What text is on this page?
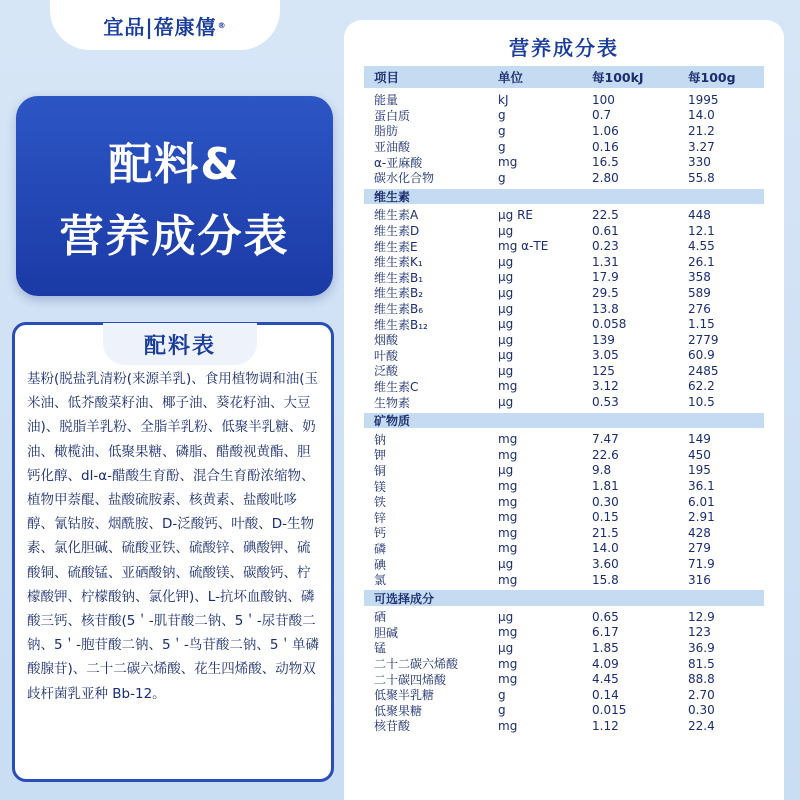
宜品|蓓康僖 ®
配料&
营养成分表
配料表
基粉(脱盐乳清粉(来源羊乳)、食用植物调和油(玉米油、低芥酸菜籽油、椰子油、葵花籽油、大豆油)、脱脂羊乳粉、全脂羊乳粉、低聚半乳糖、奶油、橄榄油、低聚果糖、磷脂、醋酸视黄酯、胆钙化醇、dl-α-醋酸生育酚、混合生育酚浓缩物、植物甲萘醌、盐酸硫胺素、核黄素、盐酸吡哆醇、氰钴胺、烟酰胺、D-泛酸钙、叶酸、D-生物素、氯化胆碱、硫酸亚铁、硫酸锌、碘酸钾、硫酸铜、硫酸锰、亚硒酸钠、硫酸镁、碳酸钙、柠檬酸钾、柠檬酸钠、氯化钾)、L-抗坏血酸钠、磷酸三钙、核苷酸(5＇-肌苷酸二钠、5＇-尿苷酸二钠、5＇-胞苷酸二钠、5＇-鸟苷酸二钠、5＇单磷酸腺苷)、二十二碳六烯酸、花生四烯酸、动物双歧杆菌乳亚种 Bb-12。
营养成分表
项目	单位	每100kJ	每100g
能量	kJ	100	1995
蛋白质	g	0.7	14.0
脂肪	g	1.06	21.2
亚油酸	g	0.16	3.27
α-亚麻酸	mg	16.5	330
碳水化合物	g	2.80	55.8
维生素
维生素A	μg RE	22.5	448
维生素D	μg	0.61	12.1
维生素E	mg α-TE	0.23	4.55
维生素K₁	μg	1.31	26.1
维生素B₁	μg	17.9	358
维生素B₂	μg	29.5	589
维生素B₆	μg	13.8	276
维生素B₁₂	μg	0.058	1.15
烟酸	μg	139	2779
叶酸	μg	3.05	60.9
泛酸	μg	125	2485
维生素C	mg	3.12	62.2
生物素	μg	0.53	10.5
矿物质
钠	mg	7.47	149
钾	mg	22.6	450
铜	μg	9.8	195
镁	mg	1.81	36.1
铁	mg	0.30	6.01
锌	mg	0.15	2.91
钙	mg	21.5	428
磷	mg	14.0	279
碘	μg	3.60	71.9
氯	mg	15.8	316
可选择成分
硒	μg	0.65	12.9
胆碱	mg	6.17	123
锰	μg	1.85	36.9
二十二碳六烯酸	mg	4.09	81.5
二十碳四烯酸	mg	4.45	88.8
低聚半乳糖	g	0.14	2.70
低聚果糖	g	0.015	0.30
核苷酸	mg	1.12	22.4
